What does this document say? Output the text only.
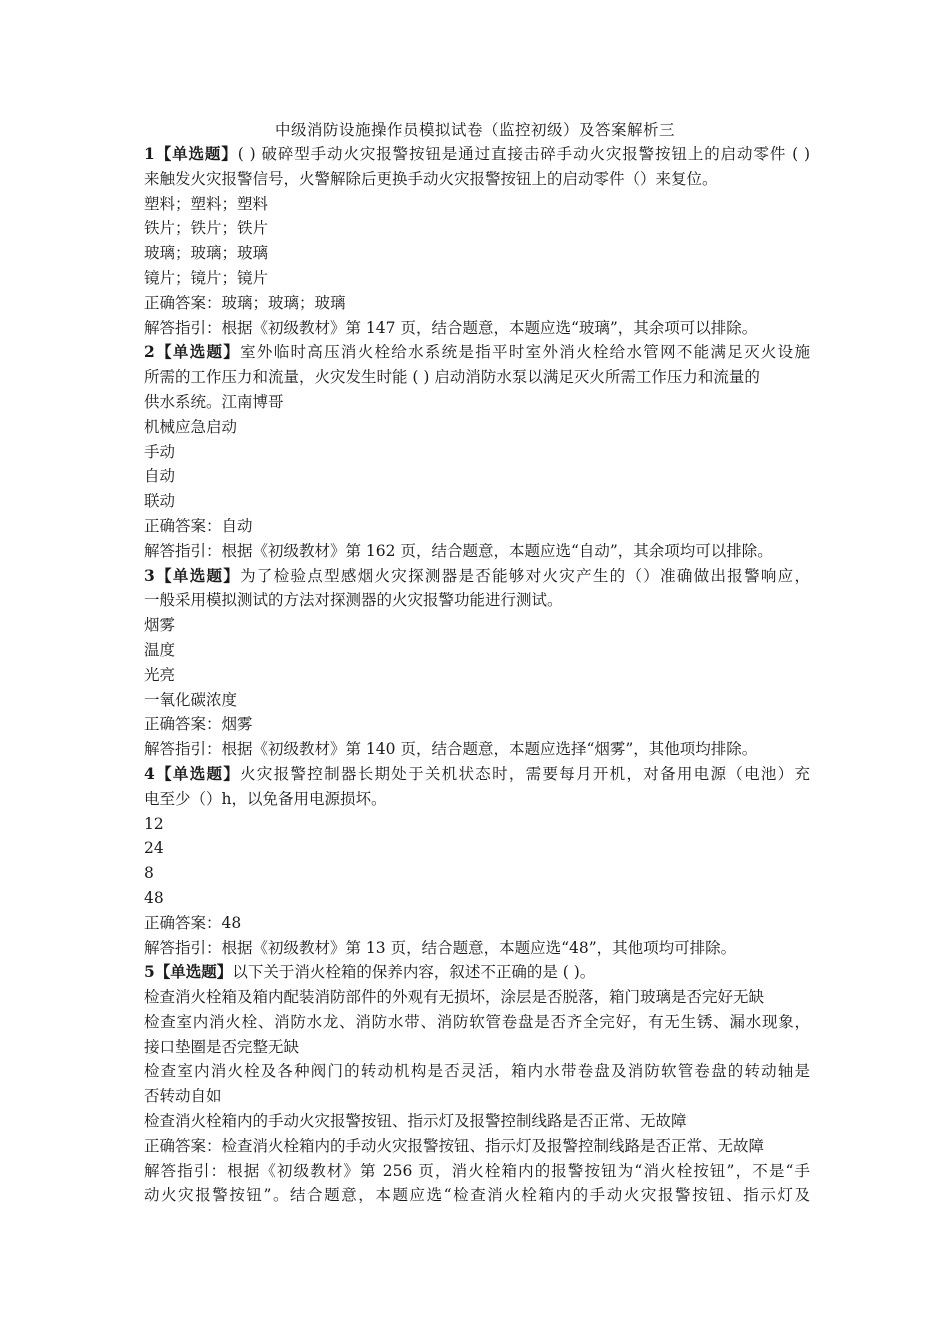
中级消防设施操作员模拟试卷（监控初级）及答案解析三
1【单选题】( ) 破碎型手动火灾报警按钮是通过直接击碎手动火灾报警按钮上的启动零件 ( )
来触发火灾报警信号，火警解除后更换手动火灾报警按钮上的启动零件（）来复位。
塑料；塑料；塑料
铁片；铁片；铁片
玻璃；玻璃；玻璃
镜片；镜片；镜片
正确答案：玻璃；玻璃；玻璃
解答指引：根据《初级教材》第 147 页，结合题意，本题应选“玻璃”，其余项可以排除。
2【单选题】室外临时高压消火栓给水系统是指平时室外消火栓给水管网不能满足灭火设施
所需的工作压力和流量，火灾发生时能 ( ) 启动消防水泵以满足灭火所需工作压力和流量的
供水系统。江南博哥
机械应急启动
手动
自动
联动
正确答案：自动
解答指引：根据《初级教材》第 162 页，结合题意，本题应选“自动”，其余项均可以排除。
3【单选题】为了检验点型感烟火灾探测器是否能够对火灾产生的（）准确做出报警响应，
一般采用模拟测试的方法对探测器的火灾报警功能进行测试。
烟雾
温度
光亮
一氧化碳浓度
正确答案：烟雾
解答指引：根据《初级教材》第 140 页，结合题意，本题应选择“烟雾”，其他项均排除。
4【单选题】火灾报警控制器长期处于关机状态时，需要每月开机，对备用电源（电池）充
电至少（）h，以免备用电源损坏。
12
24
8
48
正确答案：48
解答指引：根据《初级教材》第 13 页，结合题意，本题应选“48”，其他项均可排除。
5【单选题】以下关于消火栓箱的保养内容，叙述不正确的是 ( )。
检查消火栓箱及箱内配装消防部件的外观有无损坏，涂层是否脱落，箱门玻璃是否完好无缺
检查室内消火栓、消防水龙、消防水带、消防软管卷盘是否齐全完好，有无生锈、漏水现象，
接口垫圈是否完整无缺
检查室内消火栓及各种阀门的转动机构是否灵活，箱内水带卷盘及消防软管卷盘的转动轴是
否转动自如
检查消火栓箱内的手动火灾报警按钮、指示灯及报警控制线路是否正常、无故障
正确答案：检查消火栓箱内的手动火灾报警按钮、指示灯及报警控制线路是否正常、无故障
解答指引：根据《初级教材》第 256 页，消火栓箱内的报警按钮为“消火栓按钮”，不是“手
动火灾报警按钮”。结合题意，本题应选“检查消火栓箱内的手动火灾报警按钮、指示灯及
